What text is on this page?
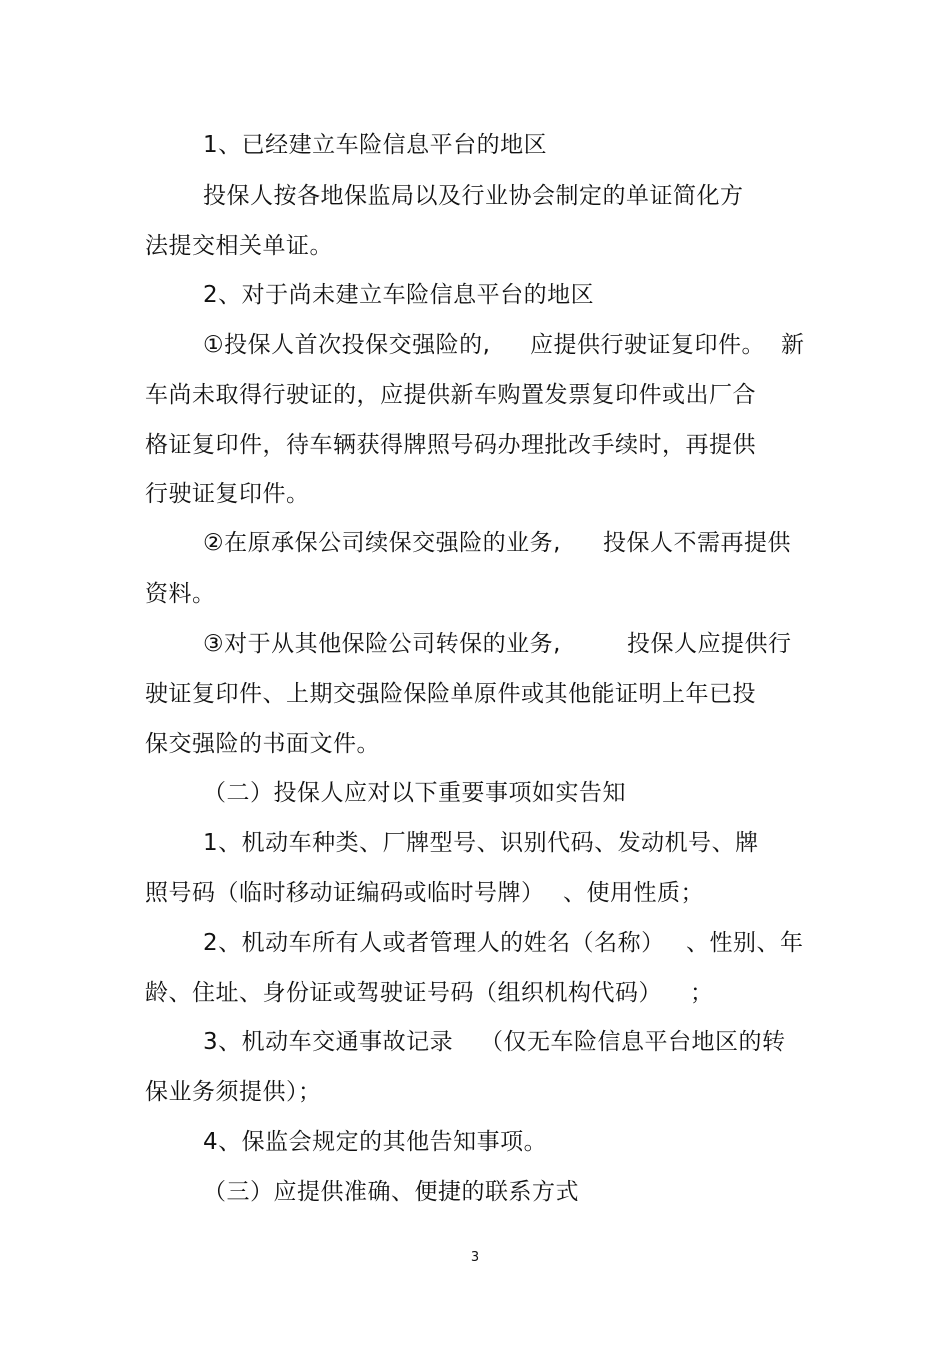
1、已经建立车险信息平台的地区
投保人按各地保监局以及行业协会制定的单证简化方
法提交相关单证。
2、对于尚未建立车险信息平台的地区
①投保人首次投保交强险的, 应提供行驶证复印件。 新
车尚未取得行驶证的，应提供新车购置发票复印件或出厂合
格证复印件，待车辆获得牌照号码办理批改手续时，再提供
行驶证复印件。
②在原承保公司续保交强险的业务, 投保人不需再提供
资料。
③对于从其他保险公司转保的业务,	投保人应提供行
驶证复印件、上期交强险保险单原件或其他能证明上年已投
保交强险的书面文件。
（二）投保人应对以下重要事项如实告知
1、机动车种类、厂牌型号、识别代码、发动机号、牌
照号码（临时移动证编码或临时号牌） 、使用性质；
2、机动车所有人或者管理人的姓名（名称） 、性别、年
龄、住址、身份证或驾驶证号码（组织机构代码） ；
3、机动车交通事故记录 （仅无车险信息平台地区的转
保业务须提供）；
4、保监会规定的其他告知事项。
（三）应提供准确、便捷的联系方式
3
